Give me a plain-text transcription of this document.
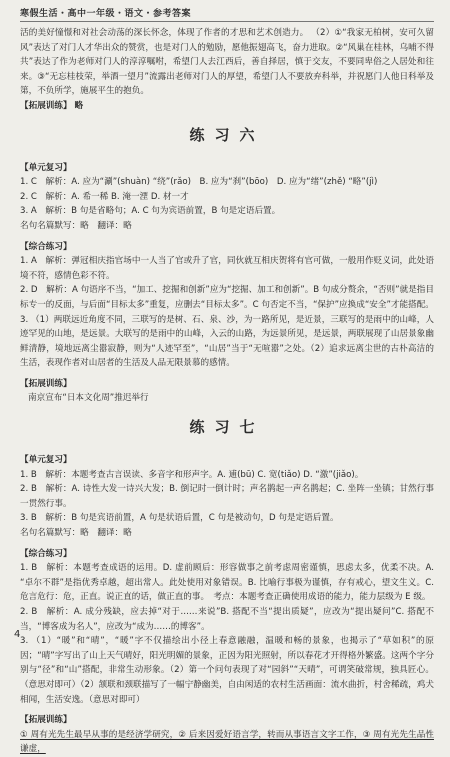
寒假生活・高中一年级・语文・参考答案

活的美好憧憬和对社会动荡的深长怀念，体现了作者的才思和艺术创造力。 （2）①“我家无柏树，安可久留风”表达了对门人才华出众的赞赏，也是对门人的勉励，愿他振翅高飞，奋力进取。②“风巢在桂林，乌哺不得共”表达了作为老师对门人的淳淳嘱咐，希望门人去江西后，善自择居，慎于交友，不要同卑俗之人居处和往来。③“无忘桂枝荣，举酒一望月”流露出老师对门人的厚望，希望门人不要放弃科举，并祝愿门人他日科举及第，不负所学，施展平生的抱负。

【拓展训练】 略

练习六
【单元复习】

1. C　解析：A. 应为“涮”(shuàn) “绕”(rǎo)　B. 应为“刹”(bōo)　D. 应为“绪”(zhě) “略”(jì)

2. C　解析：A. 希一稀 B. 淹一湮 D. 材一才

3. A　解析：B 句是省略句；A. C 句为宾语前置，B 句是定语后置。

名句名篇默写：略　翻译：略

【综合练习】

1. A　解析：弹冠相庆指官场中一人当了官或升了官，同伙就互相庆贺将有官可做，一般用作贬义词，此处语境不符，感情色彩不符。

2. D　解析：A 句语序不当，“加工、挖掘和创新”应为“挖掘、加工和创新”。B 句成分赘余，“否则”就是指目标专一的反面，与后面“目标太多”重复，应删去“目标太多”。C 句否定不当，“保护”应换成“安全”才能搭配。

3. （1）两联远近角度不同，三联写的是树、石、泉、沙，为一路所见，是近景，三联写的是雨中的山峰，人迹罕见的山地，是远景。大联写的是雨中的山峰，入云的山路，为远景所见，是远景，两联展现了山居景象幽鲜清静，境地远离尘嚣寂静，则为“人迹罕至”，“山居”当于“无喧嚣”之处。（2）追求远离尘世的古朴高洁的生活，表现作者对山居者的生活及人品无限景慕的感情。

【拓展训练】

南京宣布“日本文化周”推迟举行

练习七
【单元复习】

1. B　解析：本题考查古言误读、多音字和形声字。A. 逋(bū) C. 宽(tiǎo) D. “激”(jiǎo)。

2. B　解析：A. 诗性大发一诗兴大发；B. 倒记时一倒计时；声名鹊起一声名鹊起；C. 坐阵一坐镇；甘然行事一贯然行事。

3. B　解析：B 句是宾语前置，A 句是状语后置，C 句是被动句，D 句是定语后置。

名句名篇默写：略　翻译：略

【综合练习】

1. B　解析：本题考查成语的运用。D. 虚前顾后：形容做事之前考虑周密谨慎，思虑太多，优柔不决。A. “卓尔不群”是指优秀卓越，超出常人。此处使用对象错误。B. 比喻行事极为谨慎，存有戒心，望文生义。C. 危言危行：危，正直。说正直的话，做正直的事。　考点：本题考查正确使用成语的能力，能力层级为 E 级。

2. B　解析：A. 成分残缺，应去掉“对于……来说”B. 搭配不当“提出质疑”，应改为“提出疑问”C. 搭配不当，“博客成为名人”，应改为“成为……的博客”。

3. （1）“暖”和“晴”，“暖”字不仅描绘出小径上春意融融，温暖和畅的景象，也揭示了“草如积”的原因；“晴”字写出了山上天气晴好，阳光明媚的景象，正因为阳光照射，所以春花才开得格外繁盛。这两个字分别与“径”和“山”搭配，非常生动形象。（2）第一个问句表现了对“园斜”“天晴”，可谓笑破常规，独具匠心。（意思对即可）（2）颔联和颈联描写了一幅宁静幽美，自由闲适的农村生活画面：流水曲折，村舍稀疏，鸡犬相闻，生活安逸。（意思对即可）

【拓展训练】

① 周有光先生最早从事的是经济学研究，② 后来因爱好语言学，转而从事语言文字工作，③ 周有光先生品性谦虚，

4
